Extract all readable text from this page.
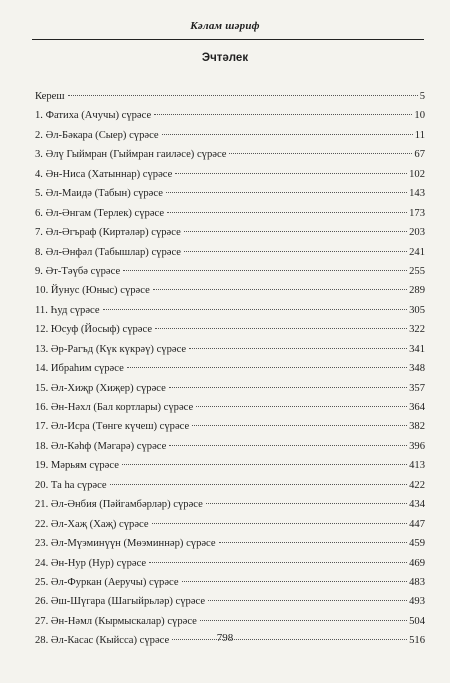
Кәлам шәриф
Эчтәлек
Кереш	5
1. Фатиха (Ачучы) сүрәсе	10
2. Әл-Бәкара (Сыер) сүрәсе	11
3. Әлү Гыймран (Гыймран гаиләсе) сүрәсе	67
4. Ән-Ниса (Хатыннар) сүрәсе	102
5. Әл-Маидә (Табын) сүрәсе	143
6. Әл-Әнгам (Терлек) сүрәсе	173
7. Әл-Әгъраф (Киртәләр) сүрәсе	203
8. Әл-Әнфәл (Табышлар) сүрәсе	241
9. Әт-Тәүбә сүрәсе	255
10. Йунус (Юныс) сүрәсе	289
11. Һуд сүрәсе	305
12. Юсуф (Йосыф) сүрәсе	322
13. Әр-Рагъд (Күк күкрәү) сүрәсе	341
14. Ибраһим сүрәсе	348
15. Әл-Хиҗр (Хиҗер) сүрәсе	357
16. Ән-Нәхл (Бал кортлары) сүрәсе	364
17. Әл-Исра (Төнге күчеш) сүрәсе	382
18. Әл-Кәһф (Мәгарә) сүрәсе	396
19. Мәрьям сүрәсе	413
20. Та һа сүрәсе	422
21. Әл-Әнбия (Пәйгамбәрләр) сүрәсе	434
22. Әл-Хаҗ (Хаҗ) сүрәсе	447
23. Әл-Мүэминүүн (Мөэминнәр) сүрәсе	459
24. Ән-Нур (Нур) сүрәсе	469
25. Әл-Фуркан (Аеручы) сүрәсе	483
26. Әш-Шүгара (Шагыйрьләр) сүрәсе	493
27. Ән-Нәмл (Кырмыскалар) сүрәсе	504
28. Әл-Касас (Кыйсса) сүрәсе	516
798
